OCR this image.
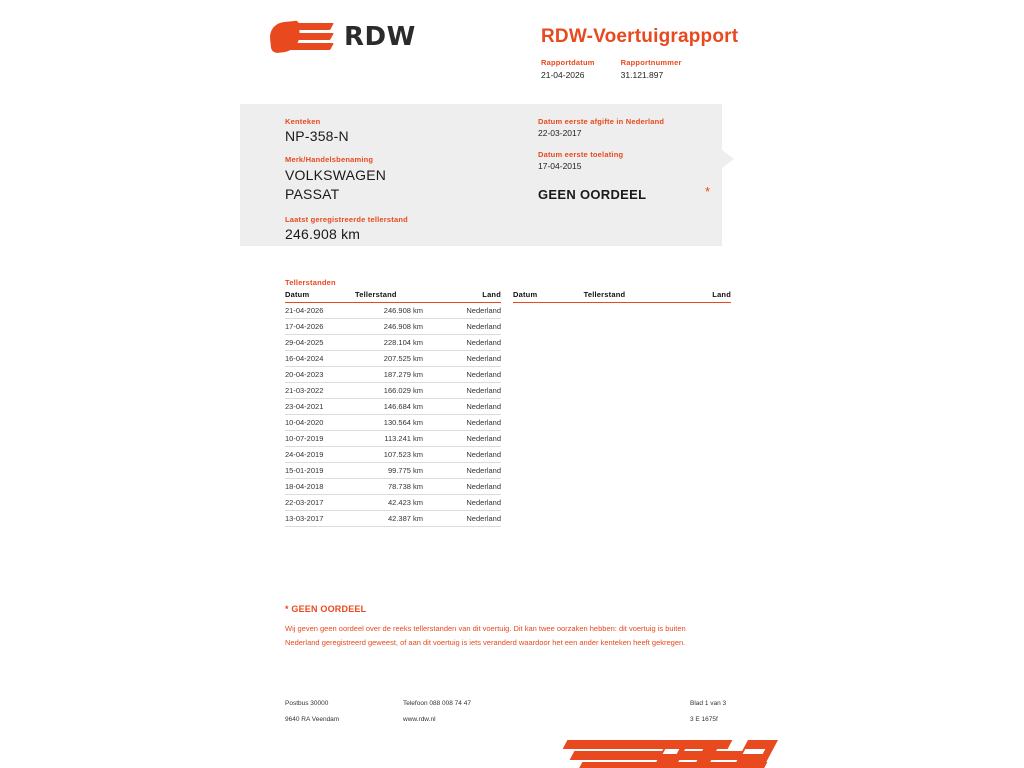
RDW	RDW-Voertuigrapport
Rapportdatum
21-04-2026
Rapportnummer
31.121.897
Kenteken
NP-358-N
Merk/Handelsbenaming
VOLKSWAGEN
PASSAT
Laatst geregistreerde tellerstand
246.908 km
Datum eerste afgifte in Nederland
22-03-2017
Datum eerste toelating
17-04-2015
GEEN OORDEEL	*
Tellerstanden
Datum	Tellerstand	Land
21-04-2026	246.908 km	Nederland
17-04-2026	246.908 km	Nederland
29-04-2025	228.104 km	Nederland
16-04-2024	207.525 km	Nederland
20-04-2023	187.279 km	Nederland
21-03-2022	166.029 km	Nederland
23-04-2021	146.684 km	Nederland
10-04-2020	130.564 km	Nederland
10-07-2019	113.241 km	Nederland
24-04-2019	107.523 km	Nederland
15-01-2019	99.775 km	Nederland
18-04-2018	78.738 km	Nederland
22-03-2017	42.423 km	Nederland
13-03-2017	42.387 km	Nederland
Datum	Tellerstand	Land
* GEEN OORDEEL
Wij geven geen oordeel over de reeks tellerstanden van dit voertuig. Dit kan twee oorzaken hebben: dit voertuig is buiten Nederland geregistreerd geweest, of aan dit voertuig is iets veranderd waardoor het een ander kenteken heeft gekregen.
Postbus 30000
9640 RA Veendam
Telefoon 088 008 74 47
www.rdw.nl
Blad 1 van 3
3 E 1675f
